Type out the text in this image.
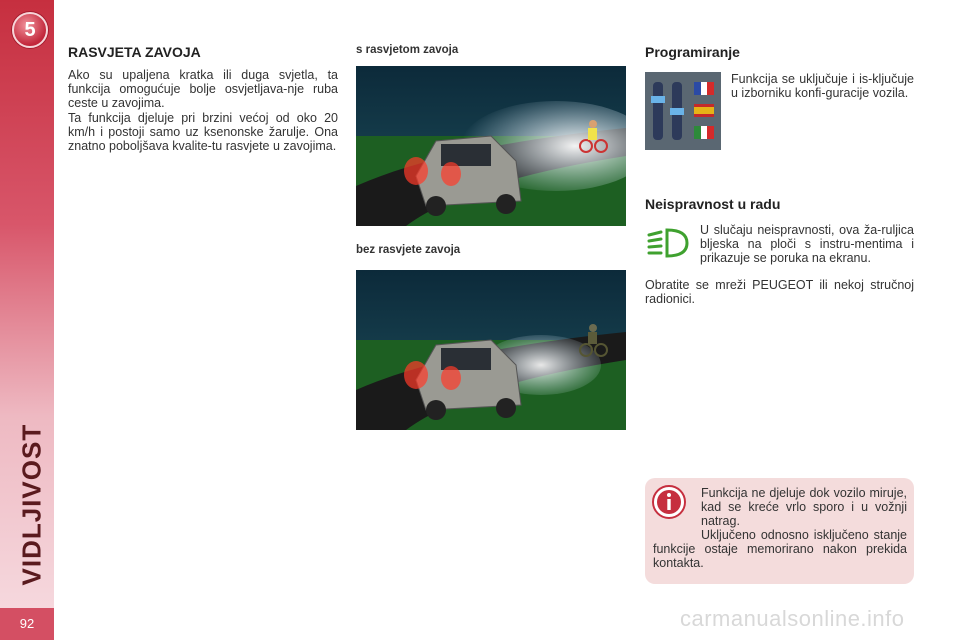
5
VIDLJIVOST
92
RASVJETA ZAVOJA

Ako su upaljena kratka ili duga svjetla, ta funkcija omogućuje bolje osvjetljava-nje ruba ceste u zavojima.

Ta funkcija djeluje pri brzini većoj od oko 20 km/h i postoji samo uz ksenonske žarulje. Ona znatno poboljšava kvalite-tu rasvjete u zavojima.

s rasvjetom zavoja

bez rasvjete zavoja

Programiranje

Funkcija se uključuje i is-ključuje u izborniku konfi-guracije vozila.

Neispravnost u radu

U slučaju neispravnosti, ova ža-ruljica bljeska na ploči s instru-mentima i prikazuje se poruka na ekranu.

Obratite se mreži PEUGEOT ili nekoj stručnoj radionici.

Funkcija ne djeluje dok vozilo miruje, kad se kreće vrlo sporo i u vožnji natrag.

Uključeno odnosno isključeno stanje funkcije ostaje memorirano nakon prekida kontakta.

carmanualsonline.info
